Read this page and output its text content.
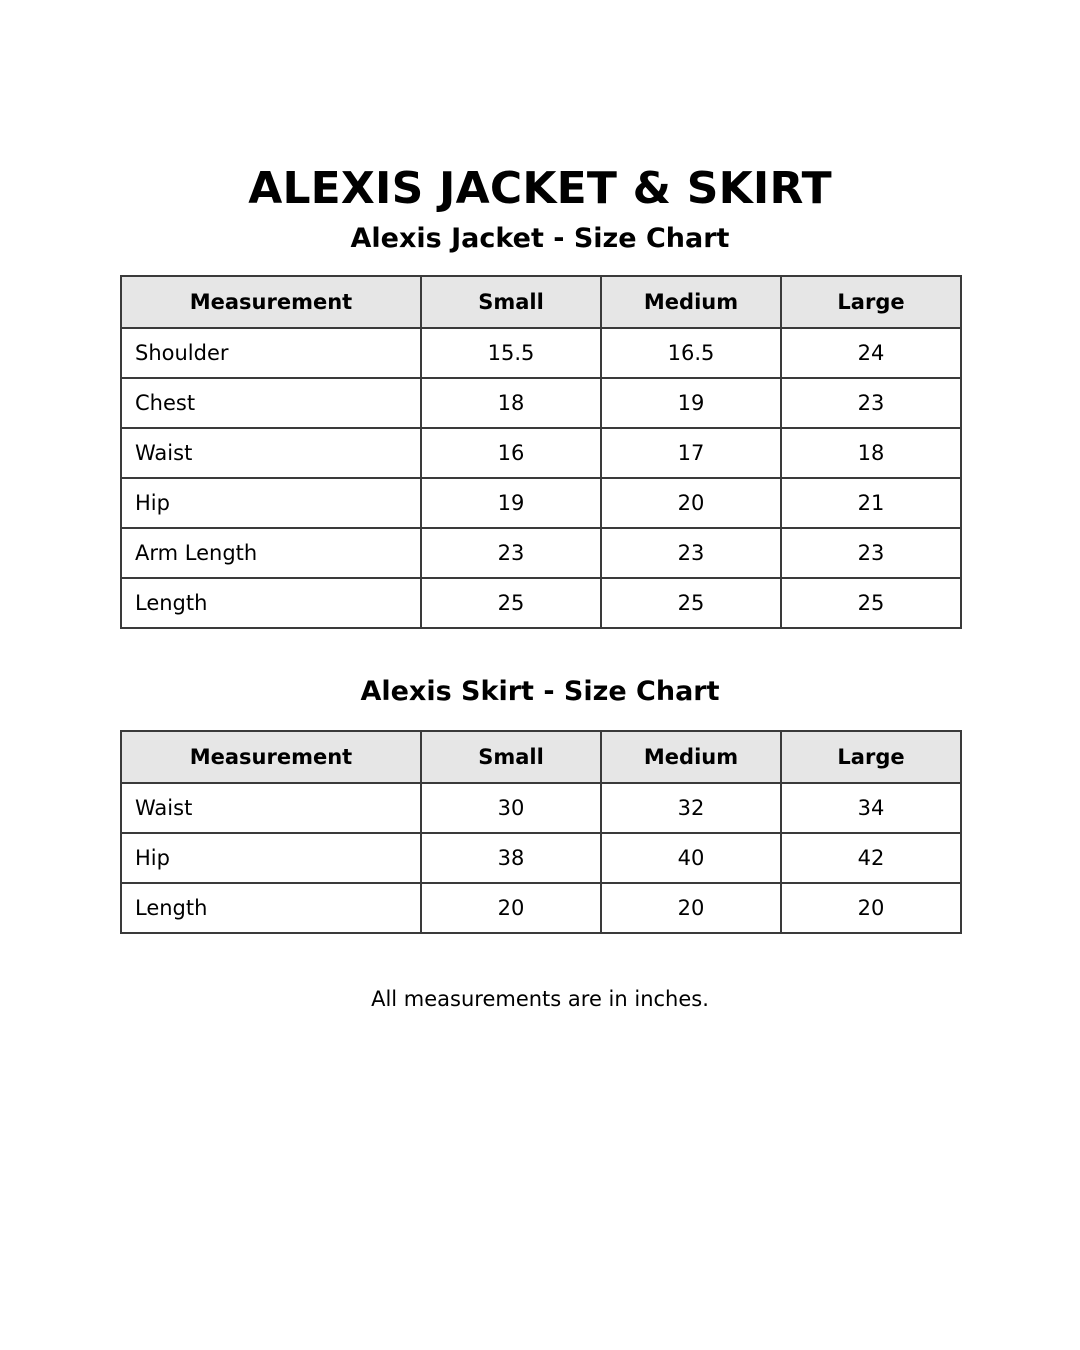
ALEXIS JACKET & SKIRT
Alexis Jacket - Size Chart
Measurement	Small	Medium	Large
Shoulder	15.5	16.5	24
Chest	18	19	23
Waist	16	17	18
Hip	19	20	21
Arm Length	23	23	23
Length	25	25	25
Alexis Skirt - Size Chart
Measurement	Small	Medium	Large
Waist	30	32	34
Hip	38	40	42
Length	20	20	20

All measurements are in inches.
